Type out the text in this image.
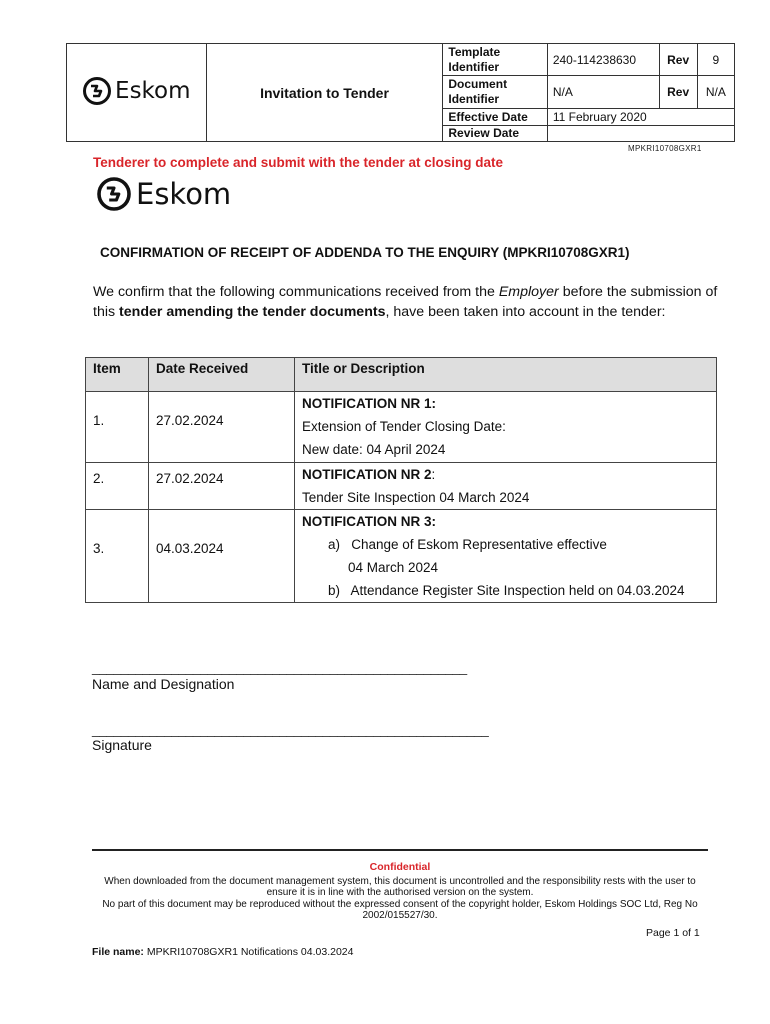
Eskom	Invitation to Tender	Template Identifier	240-114238630	Rev	9
		Document Identifier	N/A	Rev	N/A
		Effective Date	11 February 2020		
		Review Date			
MPKRI10708GXR1
Tenderer to complete and submit with the tender at closing date
Eskom
CONFIRMATION OF RECEIPT OF ADDENDA TO THE ENQUIRY (MPKRI10708GXR1)
We confirm that the following communications received from the Employer before the submission of this tender amending the tender documents, have been taken into account in the tender:
Item	Date Received	Title or Description
1.	27.02.2024	NOTIFICATION NR 1:
Extension of Tender Closing Date:
New date: 04 April 2024

2.	27.02.2024	NOTIFICATION NR 2:
Tender Site Inspection 04 March 2024

3.	04.03.2024	NOTIFICATION NR 3:
a)   Change of Eskom Representative effective
04 March 2024
b)   Attendance Register Site Inspection held on 04.03.2024
____________________________________________________
Name and Designation
_______________________________________________________
Signature
Confidential
When downloaded from the document management system, this document is uncontrolled and the responsibility rests with the user to ensure it is in line with the authorised version on the system.
No part of this document may be reproduced without the expressed consent of the copyright holder, Eskom Holdings SOC Ltd, Reg No 2002/015527/30.
Page 1 of 1
File name: MPKRI10708GXR1 Notifications 04.03.2024
